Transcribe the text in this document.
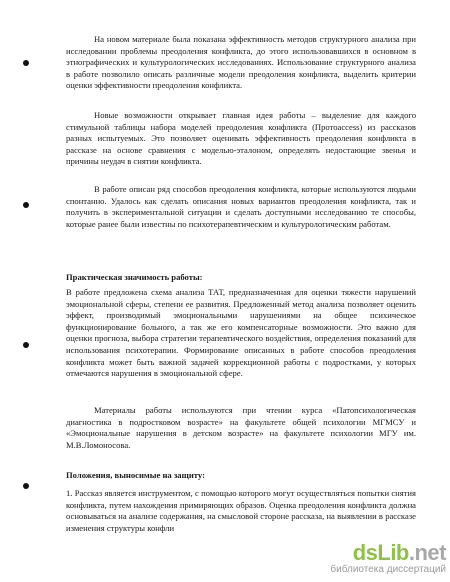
На новом материале была показана эффективность методов структурного анализа при исследовании проблемы преодоления конфликта, до этого использовавшихся в основном в этнографических и культурологических исследованиях. Использование структурного анализа в работе позволило описать различные модели преодоления конфликта, выделить критерии оценки эффективности преодоления конфликта.

Новые возможности открывает главная идея работы – выделение для каждого стимульной таблицы набора моделей преодоления конфликта (Протоaccess) из рассказов разных испытуемых. Это позволяет оценивать эффективность преодоления конфликта в рассказе на основе сравнения с моделью-эталоном, определять недостающие звенья и причины неудач в снятии конфликта.

В работе описан ряд способов преодоления конфликта, которые используются людьми спонтанно. Удалось как сделать описания новых вариантов преодоления конфликта, так и получить в экспериментальной ситуации и сделать доступными исследованию те способы, которые ранее были известны по психотерапевтическим и культурологическим работам.

Практическая значимость работы:

В работе предложена схема анализа ТАТ, предназначенная для оценки тяжести нарушений эмоциональной сферы, степени ее развития. Предложенный метод анализа позволяет оценить эффект, производимый эмоциональными нарушениями на общее психическое функционирование больного, а так же его компенсаторные возможности. Это важно для оценки прогноза, выбора стратегии терапевтического воздействия, определения показаний для использования психотерапии. Формирование описанных в работе способов преодоления конфликта может быть важной задачей коррекционной работы с подростками, у которых отмечаются нарушения в эмоциональной сфере.

Материалы работы используются при чтении курса «Патопсихологическая диагностика в подростковом возрасте» на факультете общей психологии МГМСУ и «Эмоциональные нарушения в детском возрасте» на факультете психологии МГУ им. М.В.Ломоносова.

Положения, выносимые на защиту:

1. Рассказ является инструментом, с помощью которого могут осуществляться попытки снятия конфликта, путем нахождения примиряющих образов. Оценка преодоления конфликта должна основываться на анализе содержания, на смысловой стороне рассказа, на выявлении в рассказе изменения структуры конфли

dsLib.net
библиотека диссертаций
